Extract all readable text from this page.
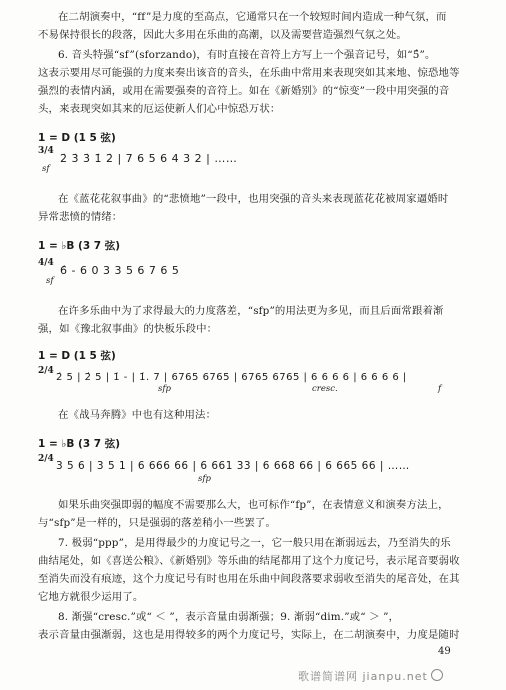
在二胡演奏中，“ff”是力度的至高点，它通常只在一个较短时间内造成一种气氛，而
不易保持很长的段落，因此大多用在乐曲的高潮，以及需要营造强烈气氛之处。
6. 音头特强“sf”(sforzando)，有时直接在音符上方写上一个强音记号，如“5̂”。
这表示要用尽可能强的力度来奏出该音的音头，在乐曲中常用来表现突如其来地、惊恐地等
强烈的表情内涵，或用在需要强奏的音符上。如在《新婚别》的“惊变”一段中用突强的音
头，来表现突如其来的厄运使新人们心中惊恐万状：
1 = D (1 5 弦)
3/4
2̇ 3̇ 3̇ 1̇ 2̇ | 7 6 5 6 4 3 2 | ……
sf
在《蓝花花叙事曲》的“悲愤地”一段中，也用突强的音头来表现蓝花花被周家逼婚时
异常悲愤的情绪：
1 = ♭B (3 7 弦)
4/4
6̂ - 6 0 3 3 5 6 7 6 5
sf
在许多乐曲中为了求得最大的力度落差，“sfp”的用法更为多见，而且后面常跟着渐
强，如《豫北叙事曲》的快板乐段中：
1 = D (1 5 弦)
2/4
2̇ 5 | 2̇ 5 | 1̇ - | 1̇. 7 | 6765 6765 | 6765 6765 | 6 6 6 6 | 6 6 6 6 |
sfp	cresc.	f
在《战马奔腾》中也有这种用法：
1 = ♭B (3 7 弦)
2/4
3 5 6 | 3 5 1 | 6 666 66 | 6 661 33 | 6 668 66 | 6 665 66 | ……
sfp
如果乐曲突强即弱的幅度不需要那么大，也可标作“fp”，在表情意义和演奏方法上，
与“sfp”是一样的，只是强弱的落差稍小一些罢了。
7. 极弱“ppp”，是用得最少的力度记号之一，它一般只用在渐弱远去，乃至消失的乐
曲结尾处，如《喜送公粮》、《新婚别》等乐曲的结尾都用了这个力度记号，表示尾音要弱收
至消失而没有痕迹，这个力度记号有时也用在乐曲中间段落要求弱收至消失的尾音处，在其
它地方就很少运用了。
8. 渐强“cresc.”或“ ＜ ”，表示音量由弱渐强；9. 渐弱“dim.”或“ ＞ ”，
表示音量由强渐弱，这也是用得较多的两个力度记号，实际上，在二胡演奏中，力度是随时
49
歌谱简谱网 jianpu.net
